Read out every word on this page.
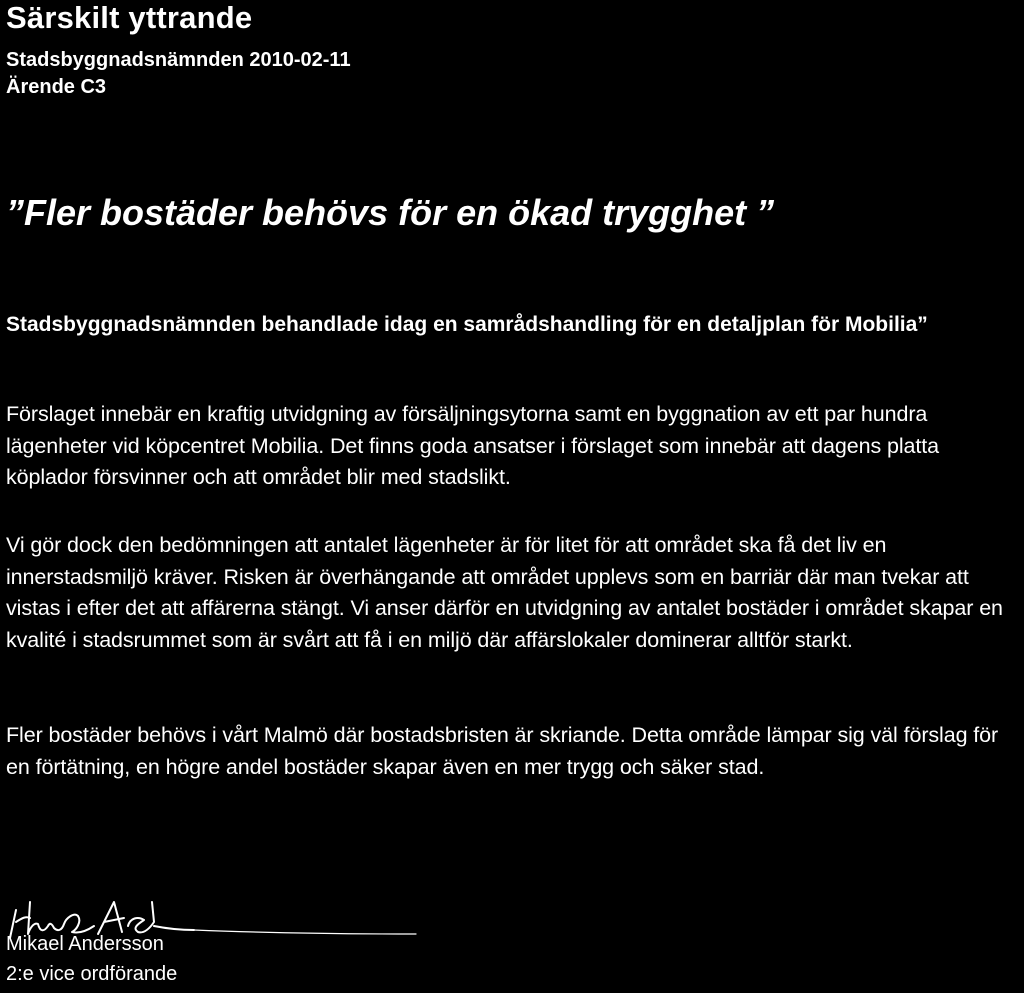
Särskilt yttrande
Stadsbyggnadsnämnden 2010-02-11
Ärende C3
”Fler bostäder behövs för en ökad trygghet ”
Stadsbyggnadsnämnden behandlade idag en samrådshandling för en detaljplan för Mobilia”
Förslaget innebär en kraftig utvidgning av försäljningsytorna samt en byggnation av ett par hundra lägenheter vid köpcentret Mobilia. Det finns goda ansatser i förslaget som innebär att dagens platta köplador försvinner och att området blir med stadslikt.
Vi gör dock den bedömningen att antalet lägenheter är för litet för att området ska få det liv en innerstadsmiljö kräver. Risken är överhängande att området upplevs som en barriär där man tvekar att vistas i efter det att affärerna stängt. Vi anser därför en utvidgning av antalet bostäder i området skapar en kvalité i stadsrummet som är svårt att få i en miljö där affärslokaler dominerar alltför starkt.
Fler bostäder behövs i vårt Malmö där bostadsbristen är skriande. Detta område lämpar sig väl förslag för en förtätning, en högre andel bostäder skapar även en mer trygg och säker stad.
Mikael Andersson
2:e vice ordförande
